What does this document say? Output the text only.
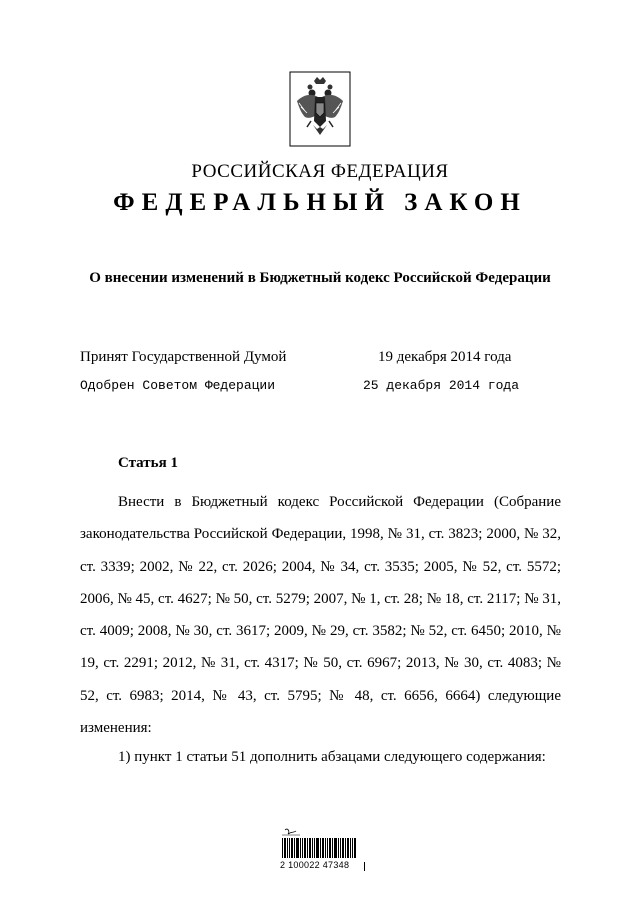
РОССИЙСКАЯ ФЕДЕРАЦИЯ
ФЕДЕРАЛЬНЫЙ ЗАКОН
О внесении изменений в Бюджетный кодекс Российской Федерации
Принят Государственной Думой	19 декабря 2014 года
Одобрен Советом Федерации	25 декабря 2014 года
Статья 1

Внести в Бюджетный кодекс Российской Федерации (Собрание законодательства Российской Федерации, 1998, № 31, ст. 3823; 2000, № 32, ст. 3339; 2002, № 22, ст. 2026; 2004, № 34, ст. 3535; 2005, № 52, ст. 5572; 2006, № 45, ст. 4627; № 50, ст. 5279; 2007, № 1, ст. 28; № 18, ст. 2117; № 31, ст. 4009; 2008, № 30, ст. 3617; 2009, № 29, ст. 3582; № 52, ст. 6450; 2010, № 19, ст. 2291; 2012, № 31, ст. 4317; № 50, ст. 6967; 2013, № 30, ст. 4083; № 52, ст. 6983; 2014, № 43, ст. 5795; № 48, ст. 6656, 6664) следующие изменения:

1) пункт 1 статьи 51 дополнить абзацами следующего содержания:

2 100022 47348
